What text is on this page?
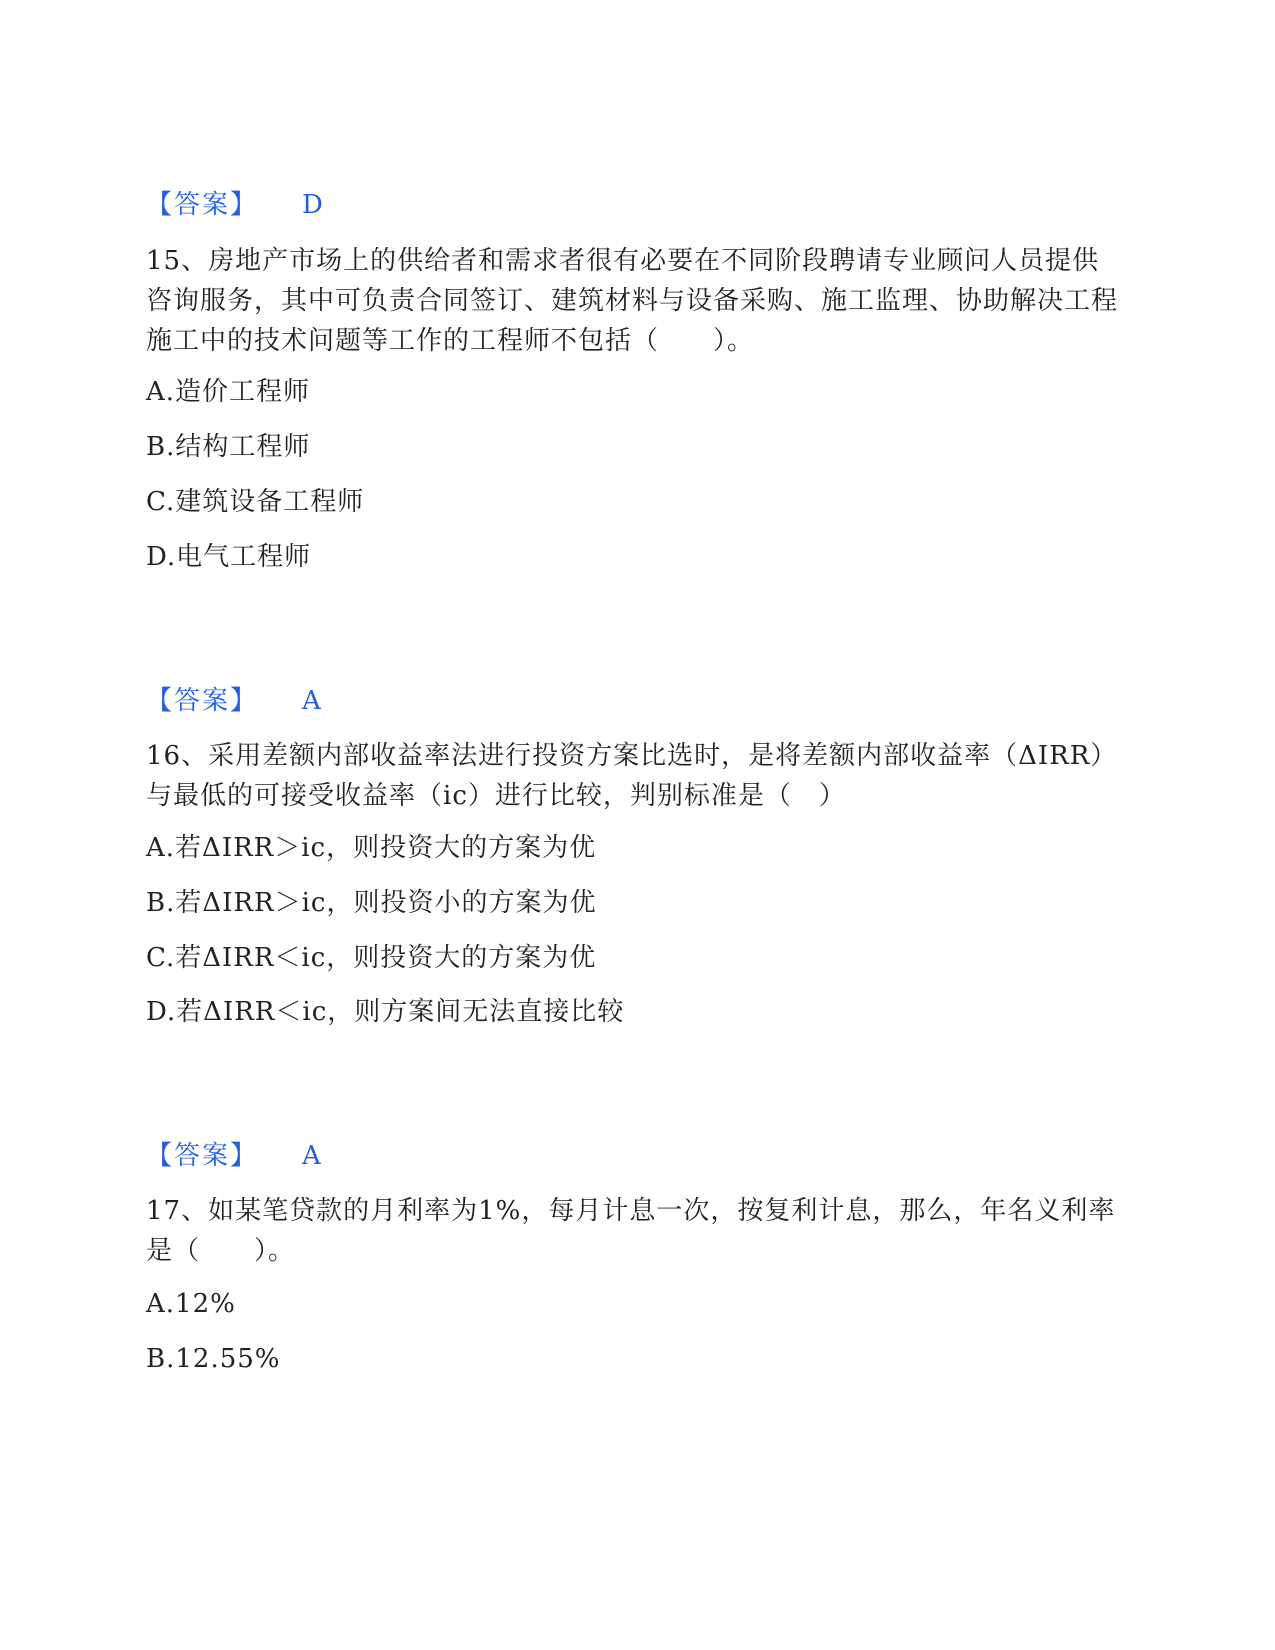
【答案】 D
15、房地产市场上的供给者和需求者很有必要在不同阶段聘请专业顾问人员提供咨询服务，其中可负责合同签订、建筑材料与设备采购、施工监理、协助解决工程施工中的技术问题等工作的工程师不包括（　　）。
A.造价工程师
B.结构工程师
C.建筑设备工程师
D.电气工程师
【答案】 A
16、采用差额内部收益率法进行投资方案比选时，是将差额内部收益率（ΔIRR）与最低的可接受收益率（ic）进行比较，判别标准是（　）
A.若ΔIRR＞ic，则投资大的方案为优
B.若ΔIRR＞ic，则投资小的方案为优
C.若ΔIRR＜ic，则投资大的方案为优
D.若ΔIRR＜ic，则方案间无法直接比较
【答案】 A
17、如某笔贷款的月利率为1%，每月计息一次，按复利计息，那么，年名义利率是（　　）。
A.12%
B.12.55%
